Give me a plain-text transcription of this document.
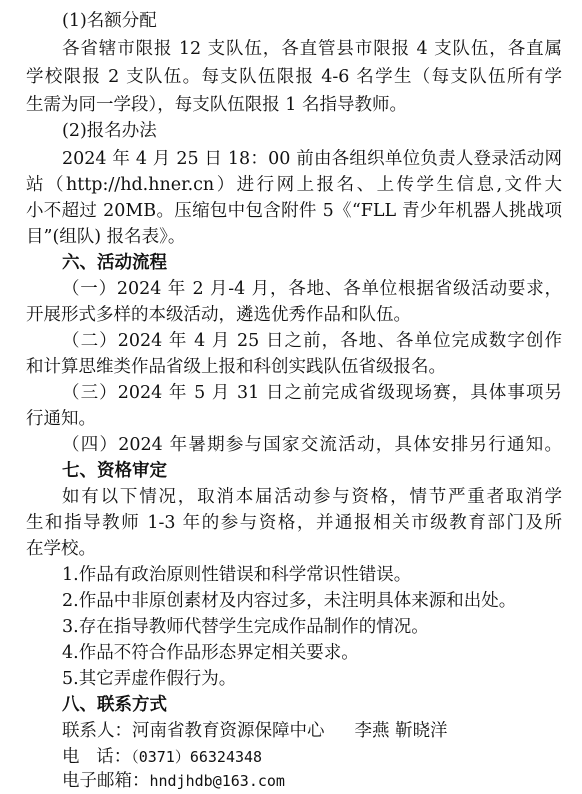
(1)名额分配
各省辖市限报 12 支队伍，各直管县市限报 4 支队伍，各直属
学校限报 2 支队伍。每支队伍限报 4-6 名学生（每支队伍所有学
生需为同一学段），每支队伍限报 1 名指导教师。
(2)报名办法
2024 年 4 月 25 日 18：00 前由各组织单位负责人登录活动网
站（http://hd.hner.cn）进行网上报名、上传学生信息,文件大
小不超过 20MB。压缩包中包含附件 5《“FLL 青少年机器人挑战项
目”(组队) 报名表》。
六、活动流程
（一）2024 年 2 月-4 月，各地、各单位根据省级活动要求，
开展形式多样的本级活动，遴选优秀作品和队伍。
（二）2024 年 4 月 25 日之前，各地、各单位完成数字创作
和计算思维类作品省级上报和科创实践队伍省级报名。
（三）2024 年 5 月 31 日之前完成省级现场赛，具体事项另
行通知。
（四）2024 年暑期参与国家交流活动，具体安排另行通知。
七、资格审定
如有以下情况，取消本届活动参与资格，情节严重者取消学
生和指导教师 1-3 年的参与资格，并通报相关市级教育部门及所
在学校。
1.作品有政治原则性错误和科学常识性错误。
2.作品中非原创素材及内容过多，未注明具体来源和出处。
3.存在指导教师代替学生完成作品制作的情况。
4.作品不符合作品形态界定相关要求。
5.其它弄虚作假行为。
八、联系方式
联系人：河南省教育资源保障中心 李燕 靳晓洋
电   话：（0371）66324348
电子邮箱：hndjhdb@163.com
